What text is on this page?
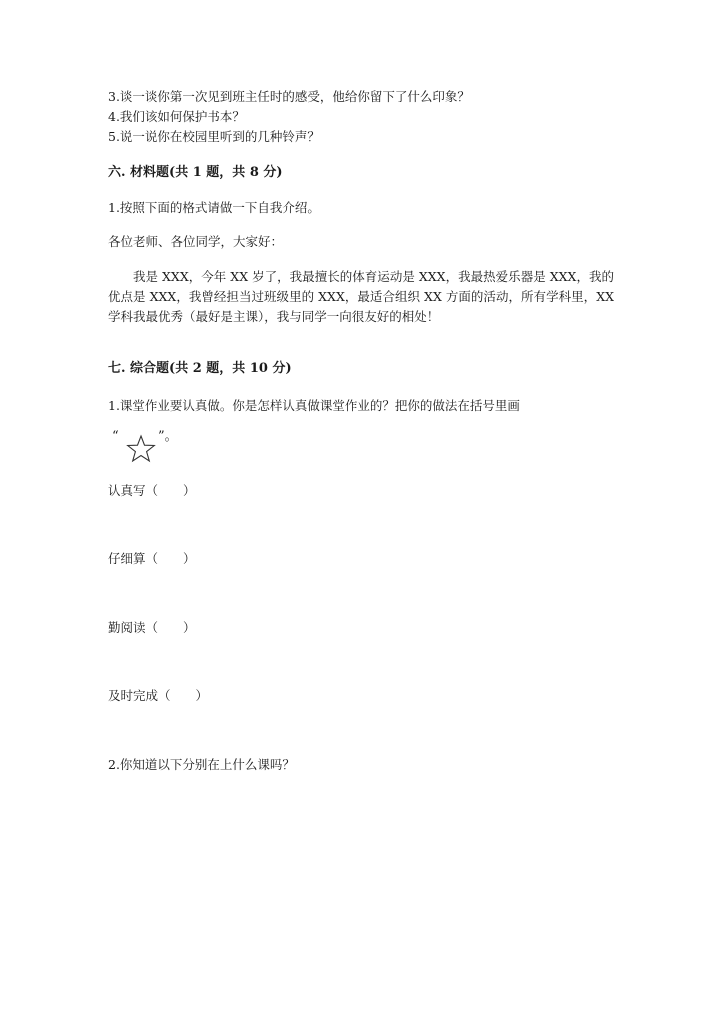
3.谈一谈你第一次见到班主任时的感受，他给你留下了什么印象？
4.我们该如何保护书本？
5.说一说你在校园里听到的几种铃声？
六. 材料题(共 1 题，共 8 分)
1.按照下面的格式请做一下自我介绍。
各位老师、各位同学，大家好：
我是 XXX，今年 XX 岁了，我最擅长的体育运动是 XXX，我最热爱乐器是 XXX，我的优点是 XXX，我曾经担当过班级里的 XXX，最适合组织 XX 方面的活动，所有学科里，XX 学科我最优秀（最好是主课），我与同学一向很友好的相处！
七. 综合题(共 2 题，共 10 分)
1.课堂作业要认真做。你是怎样认真做课堂作业的？把你的做法在括号里画
“	”。
认真写（　　）
仔细算（　　）
勤阅读（　　）
及时完成（　　）
2.你知道以下分别在上什么课吗？
